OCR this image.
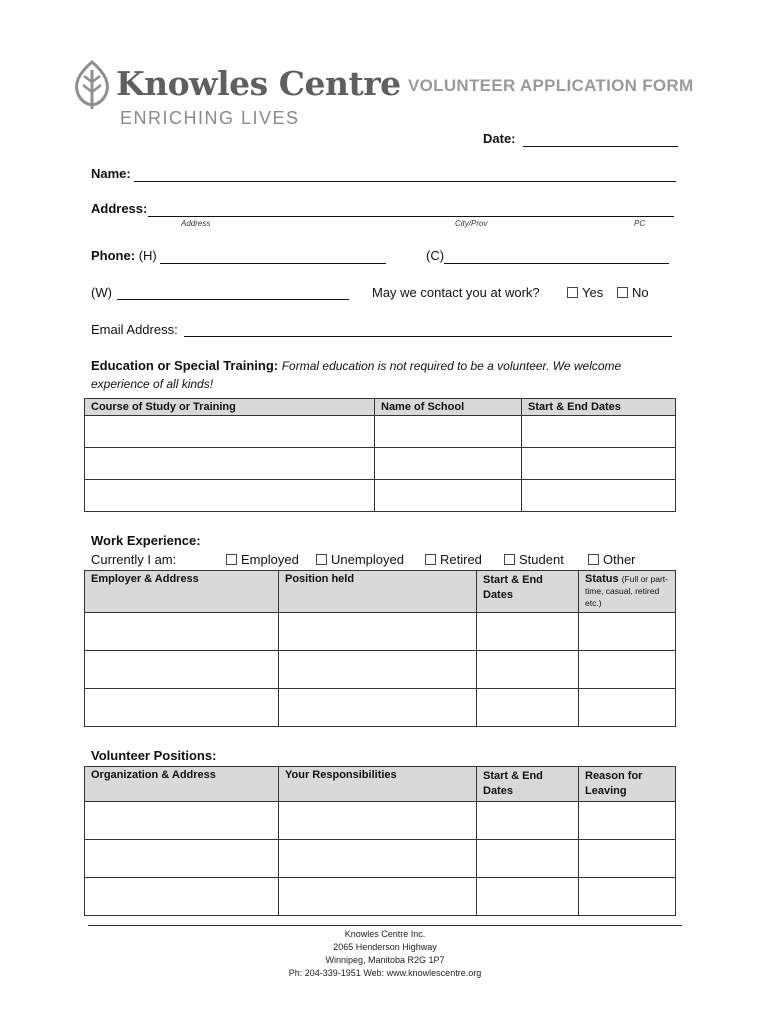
Knowles Centre
ENRICHING LIVES
VOLUNTEER APPLICATION FORM
Date:
Name:
Address:
Address	City/Prov	PC
Phone: (H)	(C)
(W)	May we contact you at work?	Yes	No
Email Address:
Education or Special Training: Formal education is not required to be a volunteer. We welcome
experience of all kinds!
Course of Study or Training	Name of School	Start & End Dates

Work Experience:
Currently I am:	Employed	Unemployed	Retired	Student	Other
Employer & Address	Position held	Start & End Dates	Status (Full or part-time, casual, retired etc.)

Volunteer Positions:
Organization & Address	Your Responsibilities	Start & End Dates	Reason for Leaving

Knowles Centre Inc.
2065 Henderson Highway
Winnipeg, Manitoba R2G 1P7
Ph: 204-339-1951 Web: www.knowlescentre.org
